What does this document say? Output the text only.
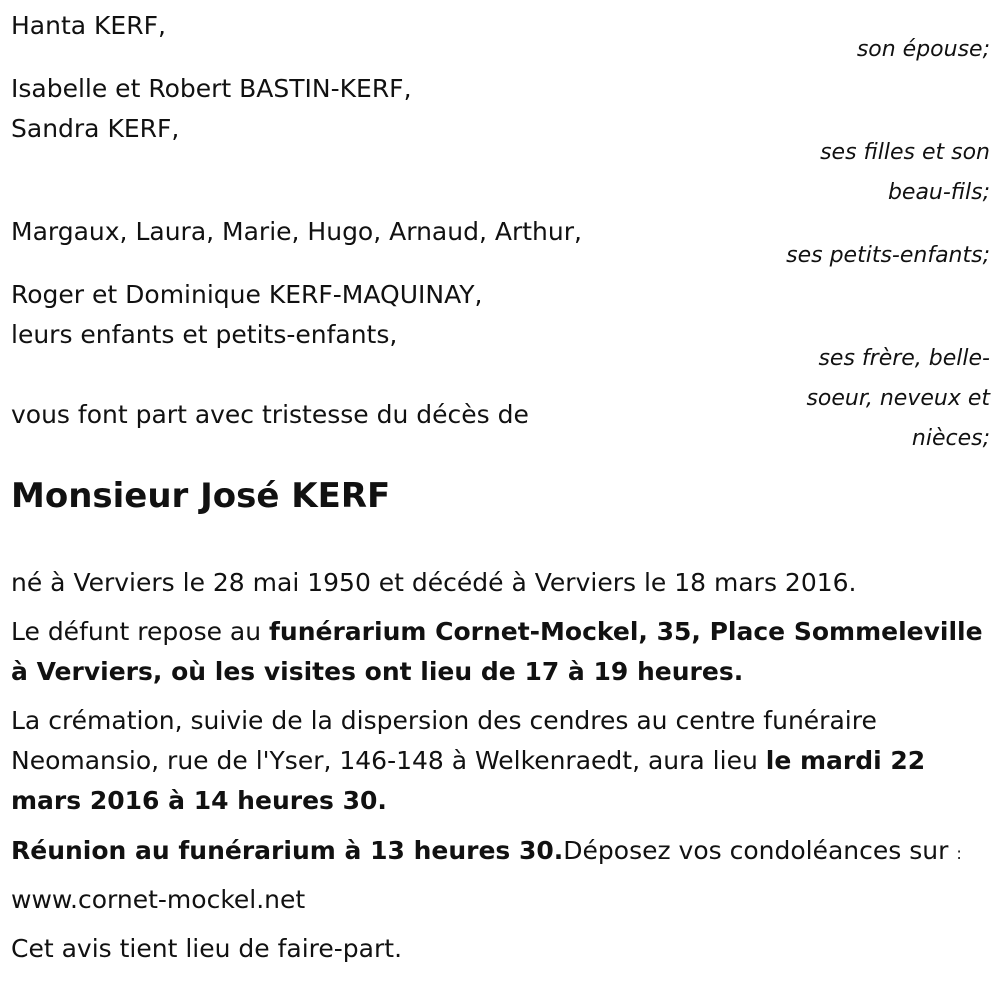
Hanta KERF,
son épouse;
Isabelle et Robert BASTIN-KERF,
Sandra KERF,
ses filles et son
beau-fils;
Margaux, Laura, Marie, Hugo, Arnaud, Arthur,
ses petits-enfants;
Roger et Dominique KERF-MAQUINAY,
leurs enfants et petits-enfants,
ses frère, belle-
soeur, neveux et
nièces;
vous font part avec tristesse du décès de
Monsieur José KERF
né à Verviers le 28 mai 1950 et décédé à Verviers le 18 mars 2016.
Le défunt repose au funérarium Cornet-Mockel, 35, Place Sommeleville
à Verviers, où les visites ont lieu de 17 à 19 heures.
La crémation, suivie de la dispersion des cendres au centre funéraire
Neomansio, rue de l'Yser, 146-148 à Welkenraedt, aura lieu le mardi 22
mars 2016 à 14 heures 30.
Réunion au funérarium à 13 heures 30.Déposez vos condoléances sur :
www.cornet-mockel.net
Cet avis tient lieu de faire-part.
